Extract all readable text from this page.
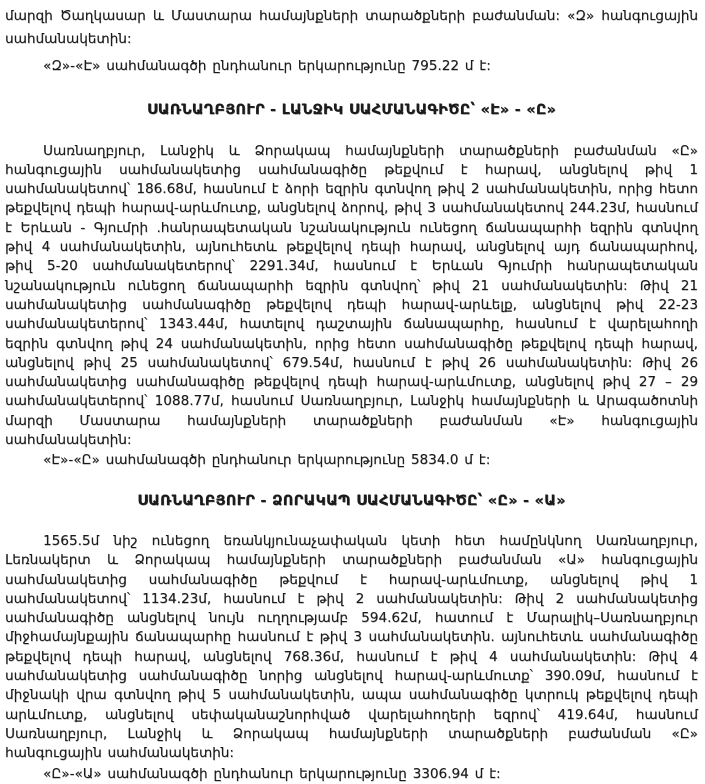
մարզի Ծաղկասար և Մաստարա համայնքների տարածքների բաժանման: «Զ» հանգուցային սահմանակետին:

«Զ»-«Է» սահմանագծի ընդհանուր երկարությունը 795.22 մ է:

ՍԱՌՆԱՂԲՅՈՒՐ - ԼԱՆՋԻԿ ՍԱՀՄԱՆԱԳԻԾԸ՝ «Է» - «Ը»

Սառնաղբյուր, Լանջիկ և Ձորակապ համայնքների տարածքների բաժանման «Ը» հանգուցային սահմանակետից սահմանագիծը թեքվում է հարավ, անցնելով թիվ 1 սահմանակետով՝ 186.68մ, հասնում է ձորի եզրին գտնվող թիվ 2 սահմանակետին, որից հետո թեքվելով դեպի հարավ-արևմուտք, անցնելով ձորով, թիվ 3 սահմանակետով 244.23մ, հասնում է Երևան - Գյումրի .հանրապետական նշանակություն ունեցող ճանապարհի եզրին գտնվող թիվ 4 սահմանակետին, այնուհետև թեքվելով դեպի հարավ, անցնելով այդ ճանապարհով, թիվ 5-20 սահմանակետերով՝ 2291.34մ, հասնում է Երևան Գյումրի հանրապետական նշանակություն ունեցող ճանապարհի եզրին գտնվող՝ թիվ 21 սահմանակետին: Թիվ 21 սահմանակետից սահմանագիծը թեքվելով դեպի հարավ-արևելք, անցնելով թիվ 22-23 սահմանակետերով՝ 1343.44մ, հատելով դաշտային ճանապարհը, հասնում է վարելահողի եզրին գտնվող թիվ 24 սահմանակետին, որից հետո սահմանագիծը թեքվելով դեպի հարավ, անցնելով թիվ 25 սահմանակետով՝ 679.54մ, հասնում է թիվ 26 սահմանակետին: Թիվ 26 սահմանակետից սահմանագիծը թեքվելով դեպի հարավ-արևմուտք, անցնելով թիվ 27 – 29 սահմանակետերով՝ 1088.77մ, հասնում Սառնաղբյուր, Լանջիկ համայնքների և Արագածոտնի մարզի Մաստարա համայնքների տարածքների բաժանման «Է» հանգուցային սահմանակետին:

«Է»-«Ը» սահմանագծի ընդհանուր երկարությունը 5834.0 մ է:

ՍԱՌՆԱՂԲՅՈՒՐ - ՁՈՐԱԿԱՊ ՍԱՀՄԱՆԱԳԻԾԸ՝ «Ը» - «Ա»

1565.5մ նիշ ունեցող եռանկյունաչափական կետի հետ համընկնող Սառնաղբյուր, Լեռնակերտ և Ձորակապ համայնքների տարածքների բաժանման «Ա» հանգուցային սահմանակետից սահմանագիծը թեքվում է հարավ-արևմուտք, անցնելով թիվ 1 սահմանակետով՝ 1134.23մ, հասնում է թիվ 2 սահմանակետին: Թիվ 2 սահմանակետից սահմանագիծը անցնելով նույն ուղղությամբ 594.62մ, հատում է Մարալիկ–Սառնաղբյուր միջհամայնքային ճանապարհը հասնում է թիվ 3 սահմանակետին. այնուհետև սահմանագիծը թեքվելով դեպի հարավ, անցնելով 768.36մ, հասնում է թիվ 4 սահմանակետին: Թիվ 4 սահմանակետից սահմանագիծը նորից անցնելով հարավ-արևմուտք՝ 390.09մ, հասնում է միջնակի վրա գտնվող թիվ 5 սահմանակետին, ապա սահմանագիծը կտրուկ թեքվելով դեպի արևմուտք, անցնելով սեփականաշնորհված վարելահողերի եզրով՝ 419.64մ, հասնում Սառնաղբյուր, Լանջիկ և Ձորակապ համայնքների տարածքների բաժանման «Ը» հանգուցային սահմանակետին:

«Ը»-«Ա» սահմանագծի ընդհանուր երկարությունը 3306.94 մ է:
